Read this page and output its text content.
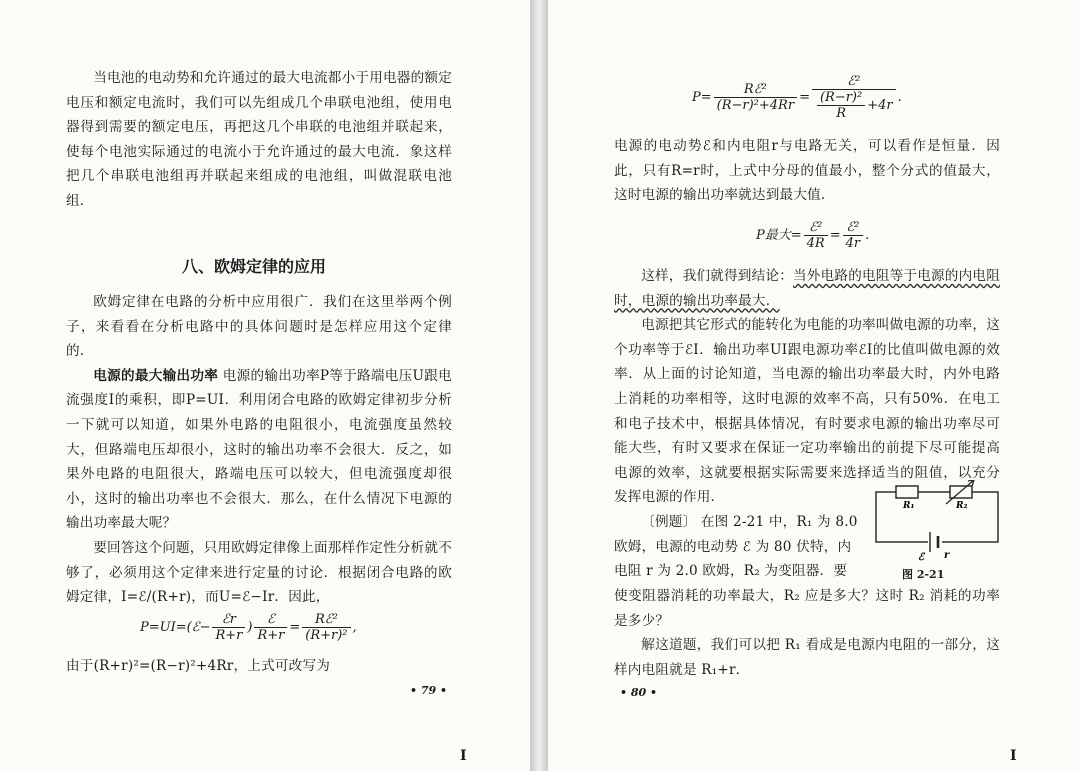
当电池的电动势和允许通过的最大电流都小于用电器的额定电压和额定电流时，我们可以先组成几个串联电池组，使用电器得到需要的额定电压，再把这几个串联的电池组并联起来，使每个电池实际通过的电流小于允许通过的最大电流．象这样把几个串联电池组再并联起来组成的电池组，叫做混联电池组．

八、欧姆定律的应用

欧姆定律在电路的分析中应用很广．我们在这里举两个例子，来看看在分析电路中的具体问题时是怎样应用这个定律的．

电源的最大输出功率 电源的输出功率P等于路端电压U跟电流强度I的乘积，即P=UI．利用闭合电路的欧姆定律初步分析一下就可以知道，如果外电路的电阻很小，电流强度虽然较大，但路端电压却很小，这时的输出功率不会很大．反之，如果外电路的电阻很大，路端电压可以较大，但电流强度却很小，这时的输出功率也不会很大．那么，在什么情况下电源的输出功率最大呢？

要回答这个问题，只用欧姆定律像上面那样作定性分析就不够了，必须用这个定律来进行定量的讨论．根据闭合电路的欧姆定律，I=ℰ/(R+r)，而U=ℰ−Ir．因此，

P=UI=(ℰ− $\frac{\text{ℰr}}{R+r}$ ) $\frac{\text{ℰ}}{R+r} = \frac{\text{Rℰ²}}{\text{(R+r)²}}$ ,

由于(R+r)²=(R−r)²+4Rr，上式可改写为

• 79 •
I
$P= \frac{\text{Rℰ²}}{\text{(R−r)²+4Rr}} = \frac{\text{ℰ²}}{\frac{\text{(R−r)²}}{R} +4r}$ .

电源的电动势ℰ和内电阻r与电路无关，可以看作是恒量．因此，只有R=r时，上式中分母的值最小，整个分式的值最大，这时电源的输出功率就达到最大值．

P最大= $\frac{\text{ℰ²}}{4R} = \frac{\text{ℰ²}}{4r}$ .

这样，我们就得到结论：当外电路的电阻等于电源的内电阻时，电源的输出功率最大．

电源把其它形式的能转化为电能的功率叫做电源的功率，这个功率等于ℰI．输出功率UI跟电源功率ℰI的比值叫做电源的效率．从上面的讨论知道，当电源的输出功率最大时，内外电路上消耗的功率相等，这时电源的效率不高，只有50%．在电工和电子技术中，根据具体情况，有时要求电源的输出功率尽可能大些，有时又要求在保证一定功率输出的前提下尽可能提高电源的效率，这就要根据实际需要来选择适当的阻值，以充分发挥电源的作用．

〔例题〕 在图 2-21 中，R₁ 为 8.0

欧姆，电源的电动势 ℰ 为 80 伏特，内

电阻 r 为 2.0 欧姆，R₂ 为变阻器．要

使变阻器消耗的功率最大，R₂ 应是多大？这时 R₂ 消耗的功率是多少？

解这道题，我们可以把 R₁ 看成是电源内电阻的一部分，这样内电阻就是 R₁+r．

R₁	R₂
ℰ r
图 2-21
• 80 •
I
